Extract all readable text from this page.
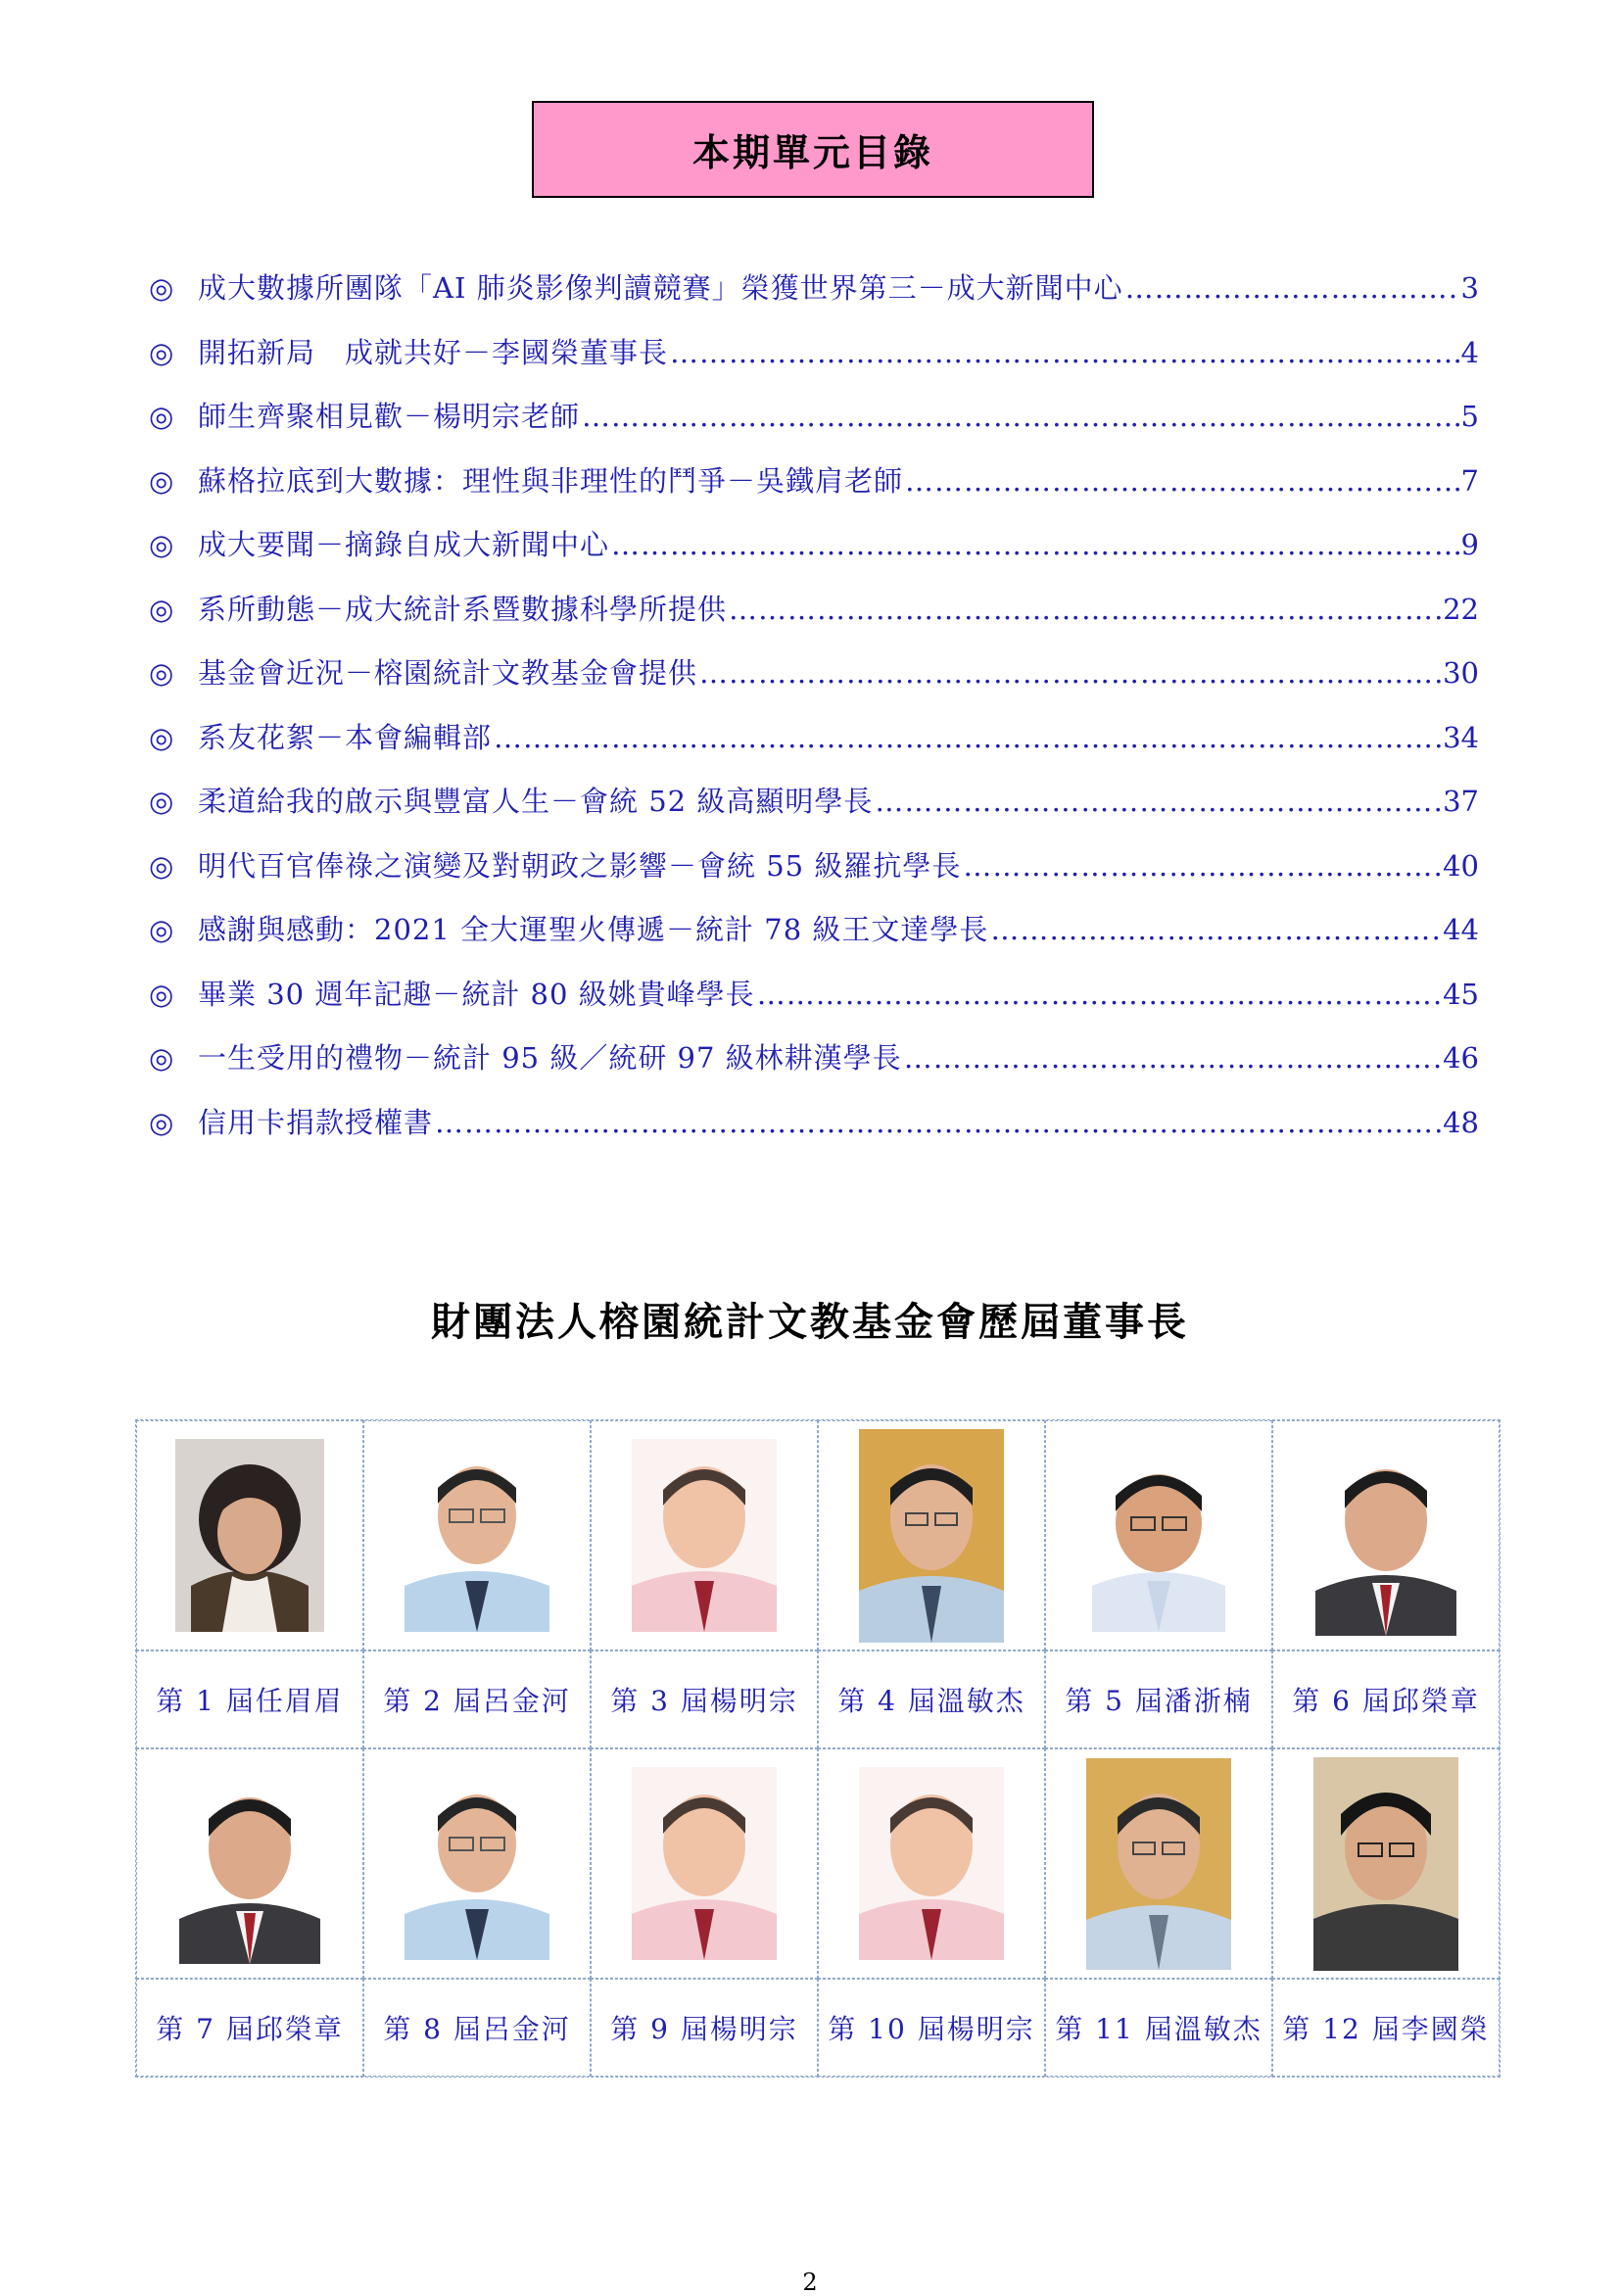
本期單元目錄
◎ 成大數據所團隊「AI 肺炎影像判讀競賽」榮獲世界第三－成大新聞中心 ……………………………………………………………………………………………………………………………………………………………………………………………	3
◎ 開拓新局　成就共好－李國榮董事長 ……………………………………………………………………………………………………………………………………………………………………………………………	4
◎ 師生齊聚相見歡－楊明宗老師 ……………………………………………………………………………………………………………………………………………………………………………………………	5
◎ 蘇格拉底到大數據：理性與非理性的鬥爭－吳鐵肩老師 ……………………………………………………………………………………………………………………………………………………………………………………………	7
◎ 成大要聞－摘錄自成大新聞中心 ……………………………………………………………………………………………………………………………………………………………………………………………	9
◎ 系所動態－成大統計系暨數據科學所提供 ……………………………………………………………………………………………………………………………………………………………………………………………	22
◎ 基金會近況－榕園統計文教基金會提供 ……………………………………………………………………………………………………………………………………………………………………………………………	30
◎ 系友花絮－本會編輯部 ……………………………………………………………………………………………………………………………………………………………………………………………	34
◎ 柔道給我的啟示與豐富人生－會統 52 級高顯明學長 ……………………………………………………………………………………………………………………………………………………………………………………………	37
◎ 明代百官俸祿之演變及對朝政之影響－會統 55 級羅抗學長 ……………………………………………………………………………………………………………………………………………………………………………………………	40
◎ 感謝與感動：2021 全大運聖火傳遞－統計 78 級王文達學長 ……………………………………………………………………………………………………………………………………………………………………………………………	44
◎ 畢業 30 週年記趣－統計 80 級姚貴峰學長 ……………………………………………………………………………………………………………………………………………………………………………………………	45
◎ 一生受用的禮物－統計 95 級／統研 97 級林耕漢學長 ……………………………………………………………………………………………………………………………………………………………………………………………	46
◎ 信用卡捐款授權書 ……………………………………………………………………………………………………………………………………………………………………………………………	48
財團法人榕園統計文教基金會歷屆董事長
第 1 屆任眉眉	第 2 屆呂金河	第 3 屆楊明宗	第 4 屆溫敏杰	第 5 屆潘浙楠	第 6 屆邱榮章
第 7 屆邱榮章	第 8 屆呂金河	第 9 屆楊明宗	第 10 屆楊明宗 第 11 屆溫敏杰 第 12 屆李國榮
2
